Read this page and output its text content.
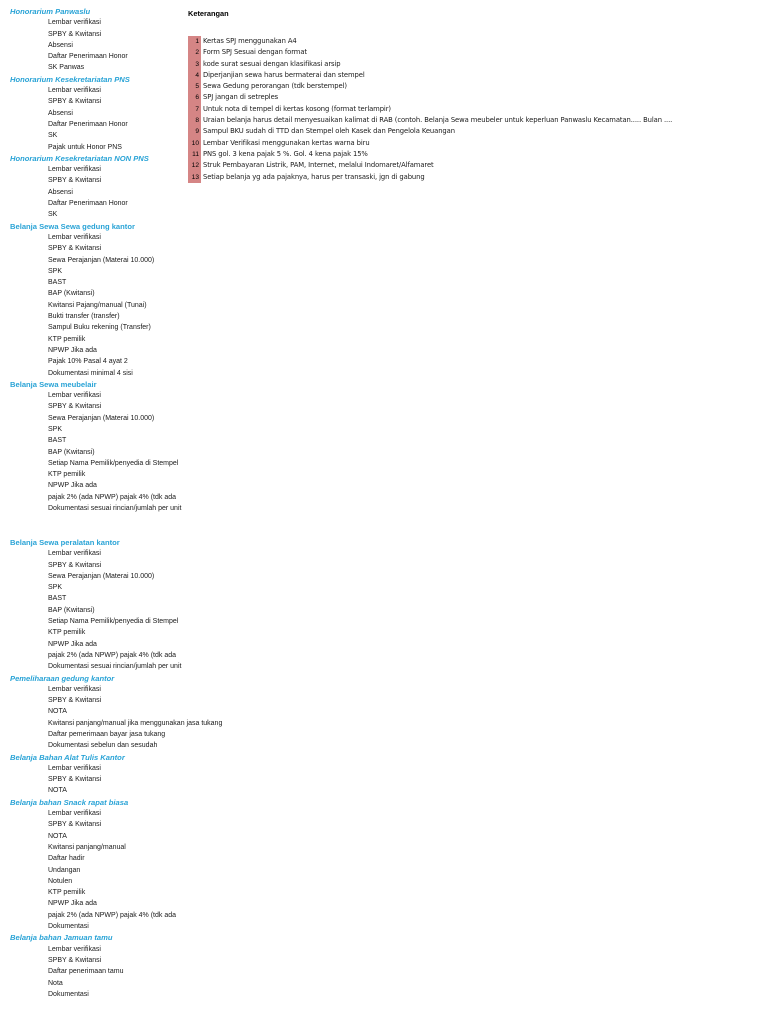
Honorarium Panwaslu
Lembar verifikasi
SPBY & Kwitansi
Absensi
Daftar Penerimaan Honor
SK Panwas
Honorarium Kesekretariatan PNS
Lembar verifikasi
SPBY & Kwitansi
Absensi
Daftar Penerimaan Honor
SK
Pajak untuk Honor PNS
Honorarium Kesekretariatan NON PNS
Lembar verifikasi
SPBY & Kwitansi
Absensi
Daftar Penerimaan Honor
SK
Belanja Sewa Sewa gedung kantor
Lembar verifikasi
SPBY & Kwitansi
Sewa Perajanjan (Materai 10.000)
SPK
BAST
BAP (Kwitansi)
Kwitansi Pajang/manual (Tunai)
Bukti transfer (transfer)
Sampul Buku rekening (Transfer)
KTP pemilik
NPWP Jika ada
Pajak 10% Pasal 4 ayat 2
Dokumentasi minimal 4 sisi
Belanja Sewa meubelair
Lembar verifikasi
SPBY & Kwitansi
Sewa Perajanjan (Materai 10.000)
SPK
BAST
BAP (Kwitansi)
Setiap Nama Pemilik/penyedia di Stempel
KTP pemilik
NPWP Jika ada
pajak 2% (ada NPWP) pajak 4% (tdk ada
Dokumentasi sesuai rincian/jumlah per unit
Belanja Sewa peralatan kantor
Lembar verifikasi
SPBY & Kwitansi
Sewa Perajanjan (Materai 10.000)
SPK
BAST
BAP (Kwitansi)
Setiap Nama Pemilik/penyedia di Stempel
KTP pemilik
NPWP Jika ada
pajak 2% (ada NPWP) pajak 4% (tdk ada
Dokumentasi sesuai rincian/jumlah per unit
Pemeliharaan gedung kantor
Lembar verifikasi
SPBY & Kwitansi
NOTA
Kwitansi panjang/manual jika menggunakan jasa tukang
Daftar pemerimaan bayar jasa tukang
Dokumentasi sebelun dan sesudah
Belanja Bahan Alat Tulis Kantor
Lembar verifikasi
SPBY & Kwitansi
NOTA
Belanja bahan Snack rapat biasa
Lembar verifikasi
SPBY & Kwitansi
NOTA
Kwitansi panjang/manual
Daftar hadir
Undangan
Notulen
KTP pemilik
NPWP Jika ada
pajak 2% (ada NPWP) pajak 4% (tdk ada
Dokumentasi
Belanja bahan Jamuan tamu
Lembar verifikasi
SPBY & Kwitansi
Daftar penerimaan tamu
Nota
Dokumentasi
Keterangan
1 Kertas SPJ menggunakan A4
2 Form SPJ Sesuai dengan format
3 kode surat sesuai dengan klasifikasi arsip
4 Diperjanjian sewa harus bermaterai dan stempel
5 Sewa Gedung perorangan (tdk berstempel)
6 SPJ jangan di setreples
7 Untuk nota di tempel di kertas kosong (format terlampir)
8 Uraian belanja harus detail menyesuaikan kalimat di RAB (contoh. Belanja Sewa meubeler untuk keperluan Panwaslu Kecamatan..... Bulan ....
9 Sampul BKU sudah di TTD dan Stempel oleh Kasek dan Pengelola Keuangan
10 Lembar Verifikasi menggunakan kertas warna biru
11 PNS gol. 3 kena pajak 5 %. Gol. 4 kena pajak 15%
12 Struk Pembayaran Listrik, PAM, Internet, melalui Indomaret/Alfamaret
13 Setiap belanja yg ada pajaknya, harus per transaski, jgn di gabung
